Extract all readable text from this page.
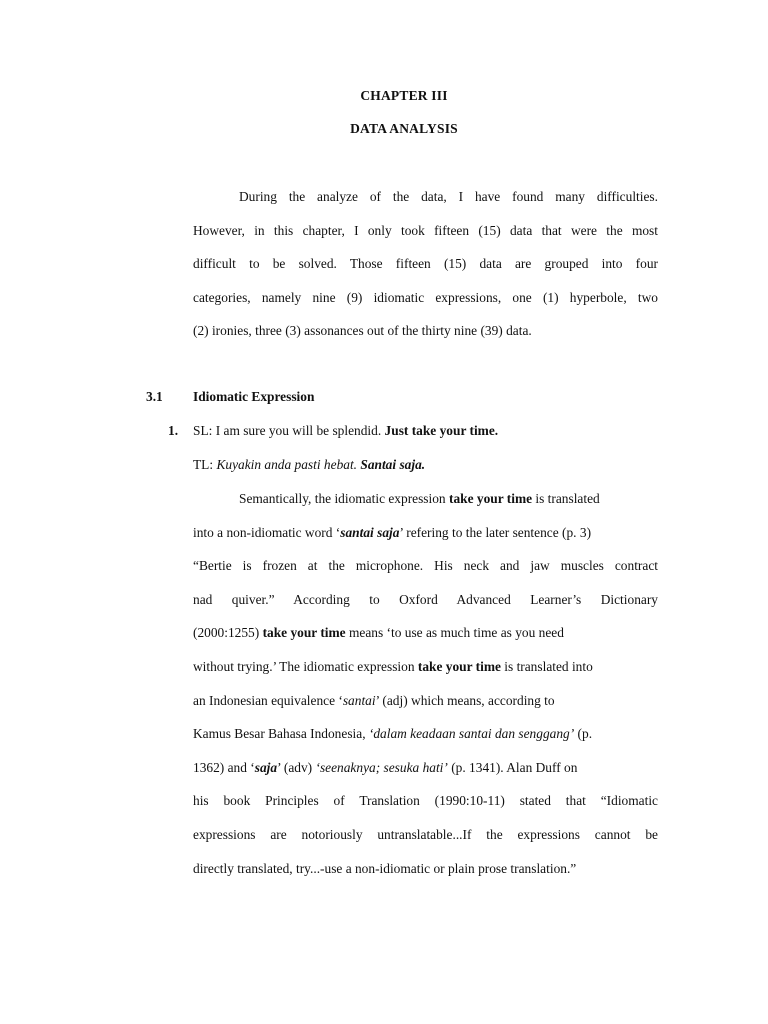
CHAPTER III
DATA ANALYSIS
During the analyze of the data, I have found many difficulties.
However, in this chapter, I only took fifteen (15) data that were the most
difficult to be solved. Those fifteen (15) data are grouped into four
categories, namely nine (9) idiomatic expressions, one (1) hyperbole, two
(2) ironies, three (3) assonances out of the thirty nine (39) data.
3.1 Idiomatic Expression
1. SL: I am sure you will be splendid. Just take your time.
TL: Kuyakin anda pasti hebat. Santai saja.
Semantically, the idiomatic expression take your time is translated
into a non-idiomatic word ‘santai saja’ refering to the later sentence (p. 3)
“Bertie is frozen at the microphone. His neck and jaw muscles contract
nad quiver.” According to Oxford Advanced Learner’s Dictionary
(2000:1255) take your time means ‘to use as much time as you need
without trying.’ The idiomatic expression take your time is translated into
an Indonesian equivalence ‘santai’ (adj) which means, according to
Kamus Besar Bahasa Indonesia, ‘dalam keadaan santai dan senggang’ (p.
1362) and ‘saja’ (adv) ‘seenaknya; sesuka hati’ (p. 1341). Alan Duff on
his book Principles of Translation (1990:10-11) stated that “Idiomatic
expressions are notoriously untranslatable...If the expressions cannot be
directly translated, try...-use a non-idiomatic or plain prose translation.”
